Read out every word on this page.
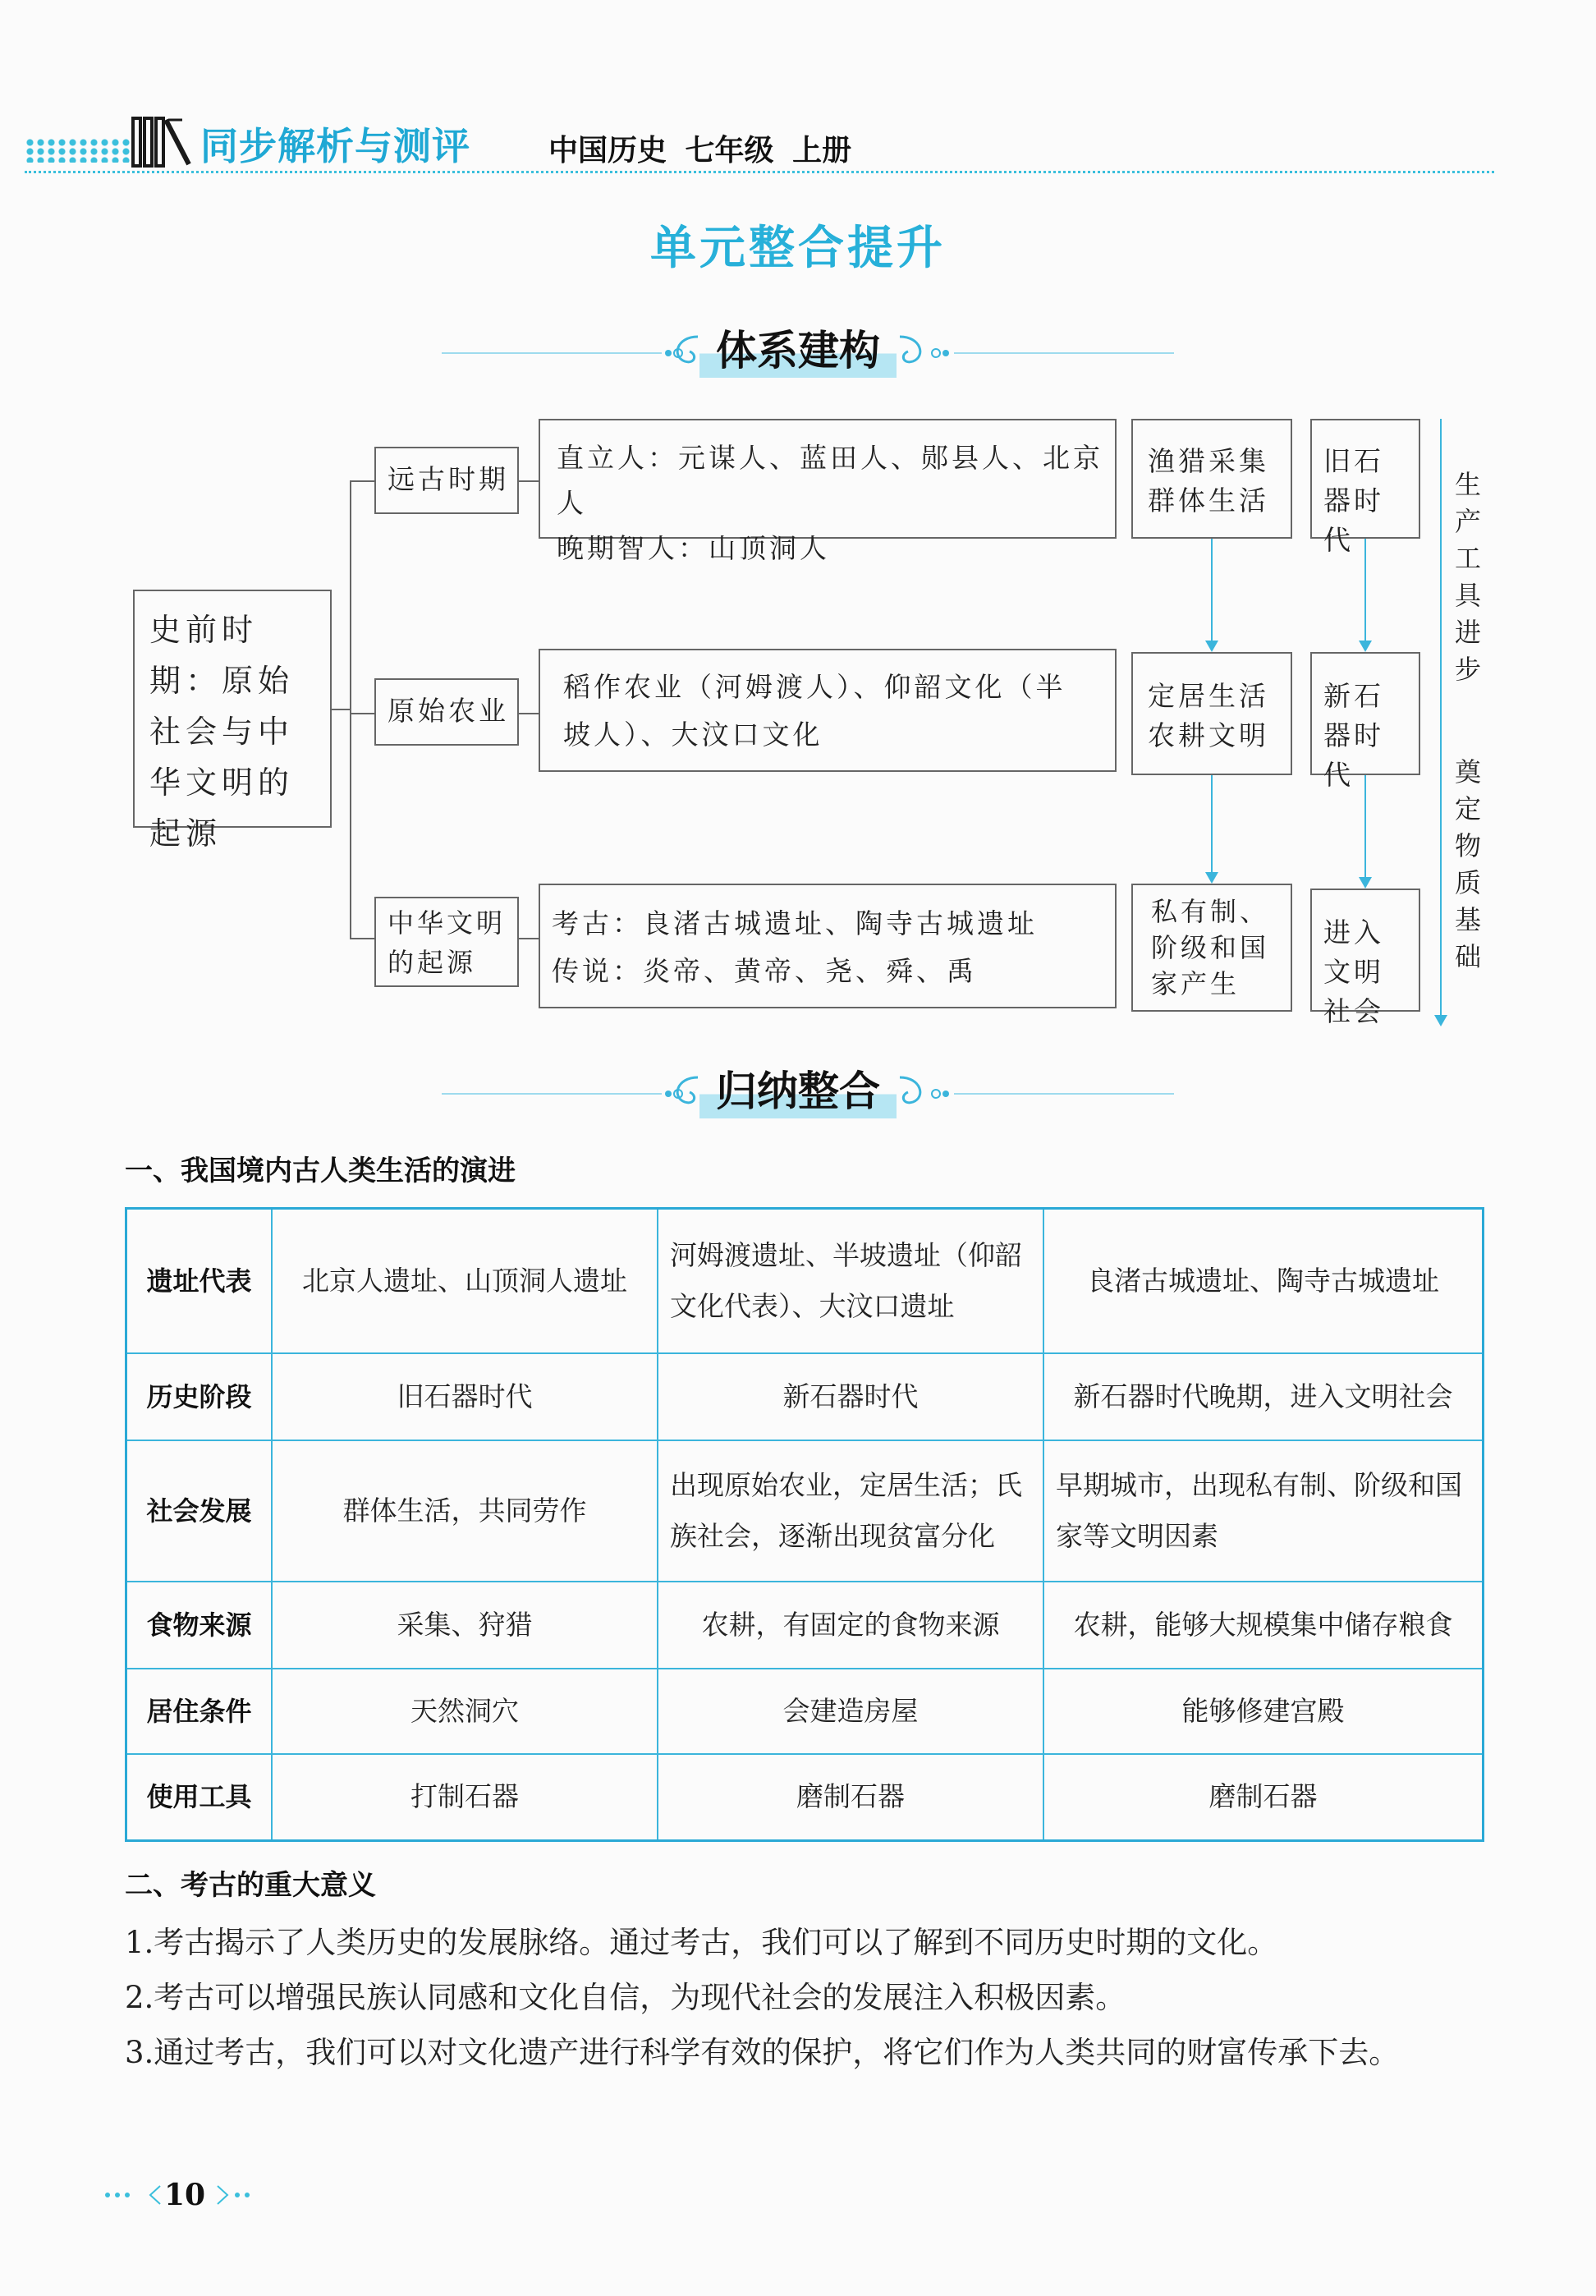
同步解析与测评	中国历史 七年级 上册
单元整合提升
体系建构
史前时期：原始社会与中华文明的起源
远古时期
直立人：元谋人、蓝田人、郧县人、北京人
晚期智人：山顶洞人
渔猎采集群体生活
旧石器时代
原始农业
稻作农业（河姆渡人）、仰韶文化（半
坡人）、大汶口文化
定居生活农耕文明
新石器时代
中华文明的起源
考古：良渚古城遗址、陶寺古城遗址
传说：炎帝、黄帝、尧、舜、禹
私有制、阶级和国家产生
进入文明社会
生产工具进步
奠定物质基础
归纳整合
一、我国境内古人类生活的演进
遗址代表	北京人遗址、山顶洞人遗址	河姆渡遗址、半坡遗址（仰韶文化代表）、大汶口遗址	良渚古城遗址、陶寺古城遗址
历史阶段	旧石器时代	新石器时代	新石器时代晚期，进入文明社会
社会发展	群体生活，共同劳作	出现原始农业，定居生活；氏族社会，逐渐出现贫富分化	早期城市，出现私有制、阶级和国家等文明因素
食物来源	采集、狩猎	农耕，有固定的食物来源	农耕，能够大规模集中储存粮食
居住条件	天然洞穴	会建造房屋	能够修建宫殿
使用工具	打制石器	磨制石器	磨制石器
二、考古的重大意义
1.考古揭示了人类历史的发展脉络。通过考古，我们可以了解到不同历史时期的文化。
2.考古可以增强民族认同感和文化自信，为现代社会的发展注入积极因素。
3.通过考古，我们可以对文化遗产进行科学有效的保护，将它们作为人类共同的财富传承下去。
10
